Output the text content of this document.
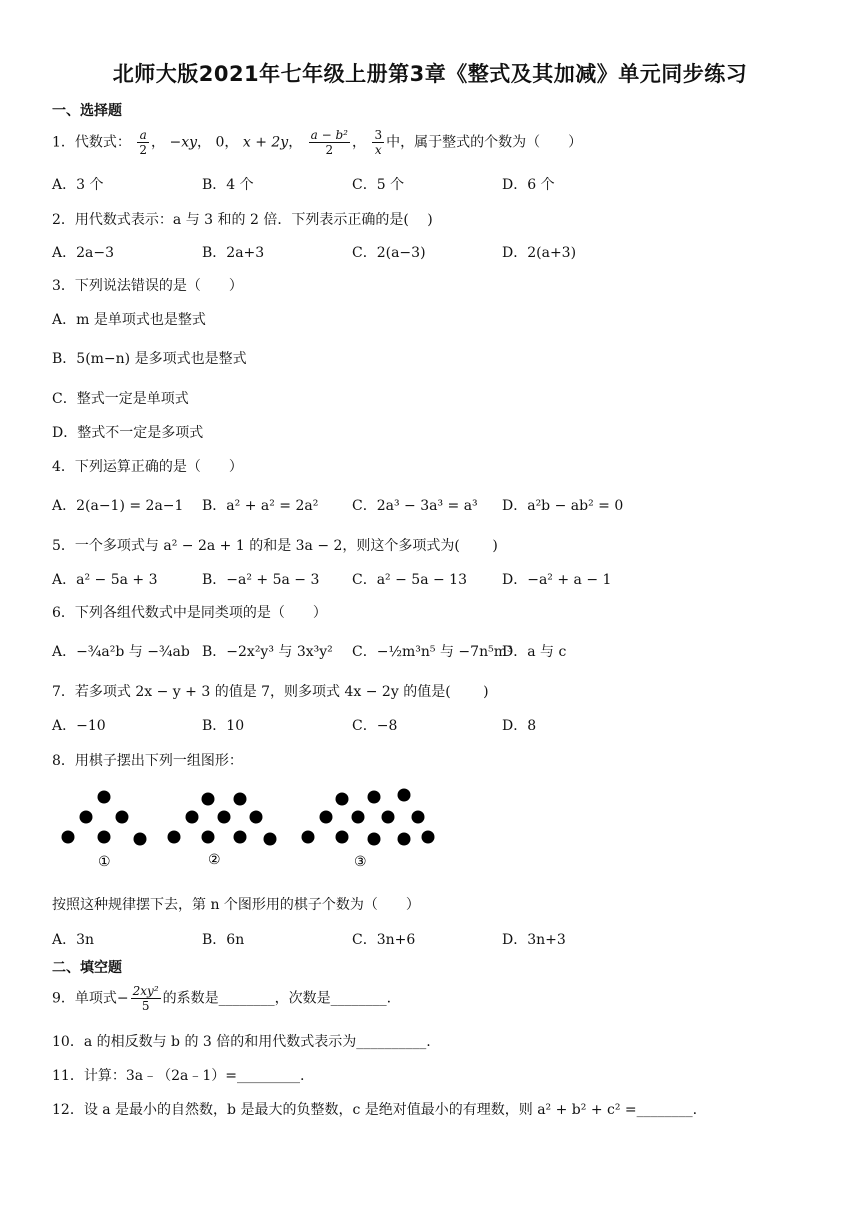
北师大版2021年七年级上册第3章《整式及其加减》单元同步练习
一、选择题
1．代数式： $\frac{a}{2}$ ， −xy， 0， x + 2y， $\frac{\text{a − b²}}{2}$ ， $\frac{3}{x}$ 中，属于整式的个数为（　　）
A．3 个	B．4 个	C．5 个	D．6 个
2．用代数式表示：a 与 3 和的 2 倍．下列表示正确的是(　 )
A．2a−3	B．2a+3	C．2(a−3)	D．2(a+3)
3．下列说法错误的是（　　）
A．m 是单项式也是整式
B．5(m−n) 是多项式也是整式
C．整式一定是单项式
D．整式不一定是多项式
4．下列运算正确的是（　　）
A．2(a−1) = 2a−1 B．a² + a² = 2a² C．2a³ − 3a³ = a³ D．a²b − ab² = 0
5．一个多项式与 a² − 2a + 1 的和是 3a − 2，则这个多项式为(　　 )
A．a² − 5a + 3	B．−a² + 5a − 3 C．a² − 5a − 13 D．−a² + a − 1
6．下列各组代数式中是同类项的是（　　）
A．−¾a²b 与 −¾ab B．−2x²y³ 与 3x³y² C．−½m³n⁵ 与 −7n⁵m³
D．a 与 c
7．若多项式 2x − y + 3 的值是 7，则多项式 4x − 2y 的值是(　　 )
A．−10	B．10	C．−8	D．8
8．用棋子摆出下列一组图形：
①	②	③
按照这种规律摆下去，第 n 个图形用的棋子个数为（　　）
A．3n	B．6n	C．3n+6	D．3n+3
二、填空题
9．单项式− $\frac{\text{2xy²}}{5}$ 的系数是________，次数是________.
10．a 的相反数与 b 的 3 倍的和用代数式表示为__________.
11．计算：3a﹣（2a﹣1）=_________.
12．设 a 是最小的自然数，b 是最大的负整数，c 是绝对值最小的有理数，则 a² + b² + c² =________.
